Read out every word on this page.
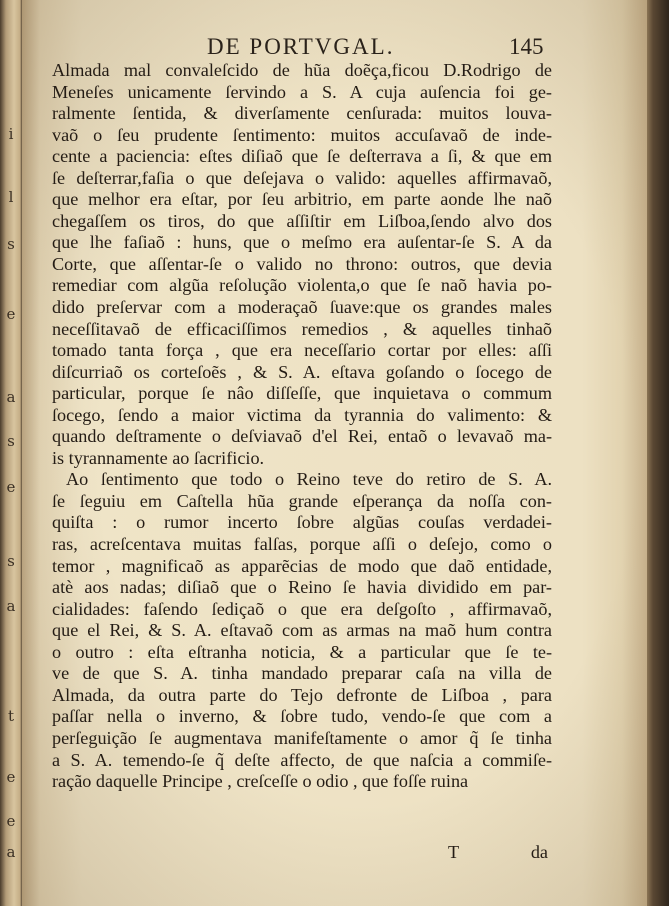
i
l
s
e
a
s
e
s
a
t
e
e
a
DE PORTVGAL.	145
Almada mal convaleſcido de hũa doẽça,ficou D.Rodrigo de
Meneſes unicamente ſervindo a S. A cuja auſencia foi ge-
ralmente ſentida, & diverſamente cenſurada: muitos louva-
vaõ o ſeu prudente ſentimento: muitos accuſavaõ de inde-
cente a paciencia: eſtes diſiaõ que ſe deſterrava a ſi, & que em
ſe deſterrar,faſia o que deſejava o valido: aquelles affirmavaõ,
que melhor era eſtar, por ſeu arbitrio, em parte aonde lhe naõ
chegaſſem os tiros, do que aſſiſtir em Liſboa,ſendo alvo dos
que lhe faſiaõ : huns, que o meſmo era auſentar-ſe S. A da
Corte, que aſſentar-ſe o valido no throno: outros, que devia
remediar com algũa reſolução violenta,o que ſe naõ havia po-
dido preſervar com a moderaçaõ ſuave:que os grandes males
neceſſitavaõ de efficaciſſimos remedios , & aquelles tinhaõ
tomado tanta força , que era neceſſario cortar por elles: aſſi
diſcurriaõ os corteſoẽs , & S. A. eſtava goſando o ſocego de
particular, porque ſe nâo diſſeſſe, que inquietava o commum
ſocego, ſendo a maior victima da tyrannia do valimento: &
quando deſtramente o deſviavaõ d'el Rei, entaõ o levavaõ ma-
is tyrannamente ao ſacrificio.
Ao ſentimento que todo o Reino teve do retiro de S. A.
ſe ſeguiu em Caſtella hũa grande eſperança da noſſa con-
quiſta : o rumor incerto ſobre algũas couſas verdadei-
ras, acreſcentava muitas falſas, porque aſſi o deſejo, como o
temor , magnificaõ as apparẽcias de modo que daõ entidade,
atè aos nadas; diſiaõ que o Reino ſe havia dividido em par-
cialidades: faſendo ſediçaõ o que era deſgoſto , affirmavaõ,
que el Rei, & S. A. eſtavaõ com as armas na maõ hum contra
o outro : eſta eſtranha noticia, & a particular que ſe te-
ve de que S. A. tinha mandado preparar caſa na villa de
Almada, da outra parte do Tejo defronte de Liſboa , para
paſſar nella o inverno, & ſobre tudo, vendo-ſe que com a
perſeguição ſe augmentava manifeſtamente o amor q̃ ſe tinha
a S. A. temendo-ſe q̃ deſte affecto, de que naſcia a commiſe-
ração daquelle Principe , creſceſſe o odio , que foſſe ruina
T	da
